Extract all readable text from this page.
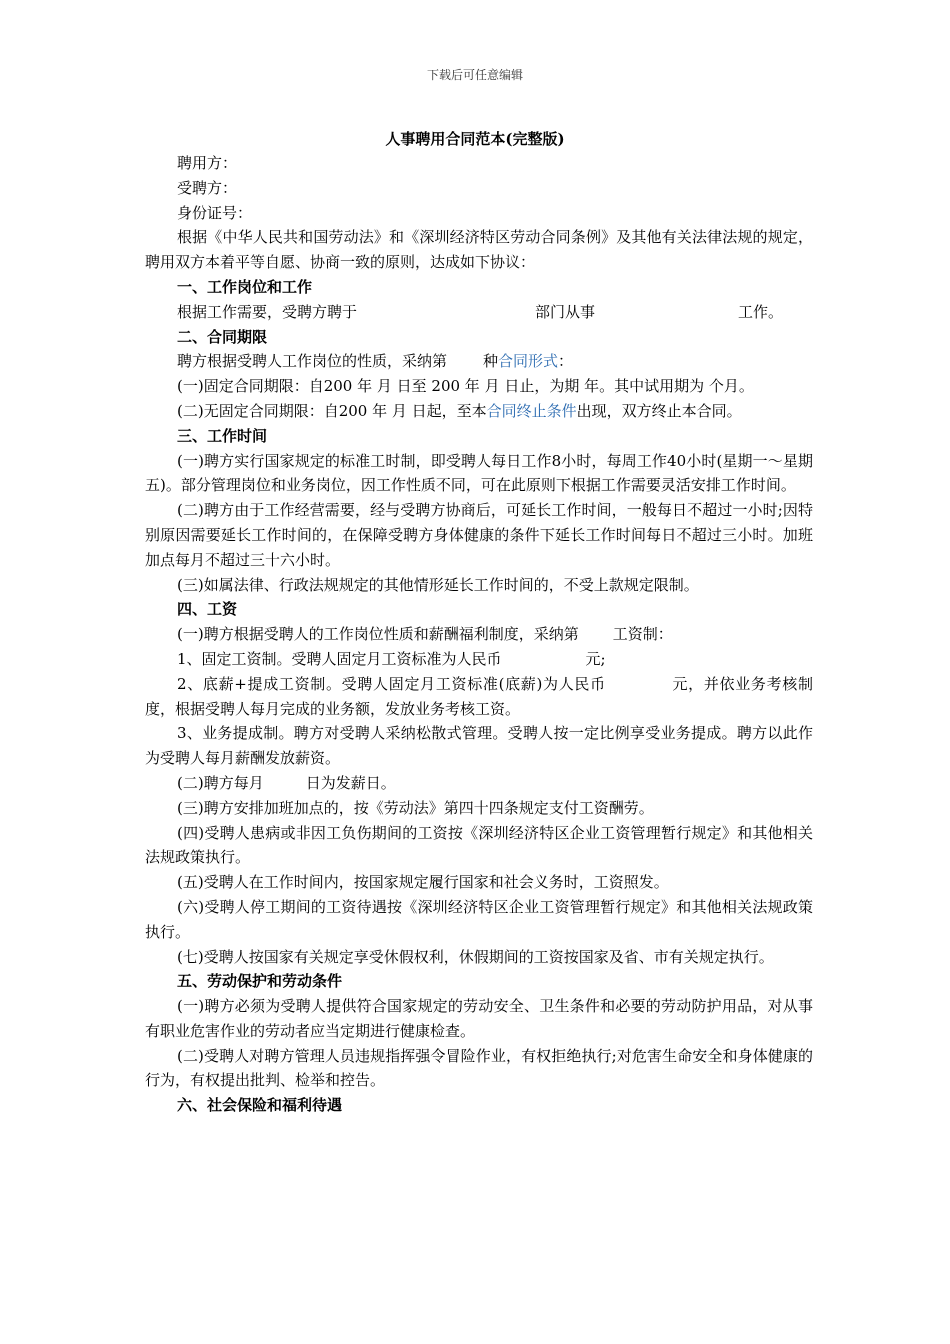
下载后可任意编辑
人事聘用合同范本(完整版)

聘用方：

受聘方：

身份证号：

根据《中华人民共和国劳动法》和《深圳经济特区劳动合同条例》及其他有关法律法规的规定，聘用双方本着平等自愿、协商一致的原则，达成如下协议：

一、工作岗位和工作

根据工作需要，受聘方聘于	部门从事	工作。

二、合同期限

聘方根据受聘人工作岗位的性质，采纳第 种合同形式：

(一)固定合同期限：自200 年 月 日至 200 年 月 日止，为期 年。其中试用期为 个月。

(二)无固定合同期限：自200 年 月 日起，至本合同终止条件出现，双方终止本合同。

三、工作时间

(一)聘方实行国家规定的标准工时制，即受聘人每日工作8小时，每周工作40小时(星期一～星期五)。部分管理岗位和业务岗位，因工作性质不同，可在此原则下根据工作需要灵活安排工作时间。

(二)聘方由于工作经营需要，经与受聘方协商后，可延长工作时间，一般每日不超过一小时;因特别原因需要延长工作时间的，在保障受聘方身体健康的条件下延长工作时间每日不超过三小时。加班加点每月不超过三十六小时。

(三)如属法律、行政法规规定的其他情形延长工作时间的，不受上款规定限制。

四、工资

(一)聘方根据受聘人的工作岗位性质和薪酬福利制度，采纳第 工资制：

1、固定工资制。受聘人固定月工资标准为人民币	元;

2、底薪+提成工资制。受聘人固定月工资标准(底薪)为人民币	元，并依业务考核制度，根据受聘人每月完成的业务额，发放业务考核工资。

3、业务提成制。聘方对受聘人采纳松散式管理。受聘人按一定比例享受业务提成。聘方以此作为受聘人每月薪酬发放薪资。

(二)聘方每月	日为发薪日。

(三)聘方安排加班加点的，按《劳动法》第四十四条规定支付工资酬劳。

(四)受聘人患病或非因工负伤期间的工资按《深圳经济特区企业工资管理暂行规定》和其他相关法规政策执行。

(五)受聘人在工作时间内，按国家规定履行国家和社会义务时，工资照发。

(六)受聘人停工期间的工资待遇按《深圳经济特区企业工资管理暂行规定》和其他相关法规政策执行。

(七)受聘人按国家有关规定享受休假权利，休假期间的工资按国家及省、市有关规定执行。

五、劳动保护和劳动条件

(一)聘方必须为受聘人提供符合国家规定的劳动安全、卫生条件和必要的劳动防护用品，对从事有职业危害作业的劳动者应当定期进行健康检查。

(二)受聘人对聘方管理人员违规指挥强令冒险作业，有权拒绝执行;对危害生命安全和身体健康的行为，有权提出批判、检举和控告。

六、社会保险和福利待遇
